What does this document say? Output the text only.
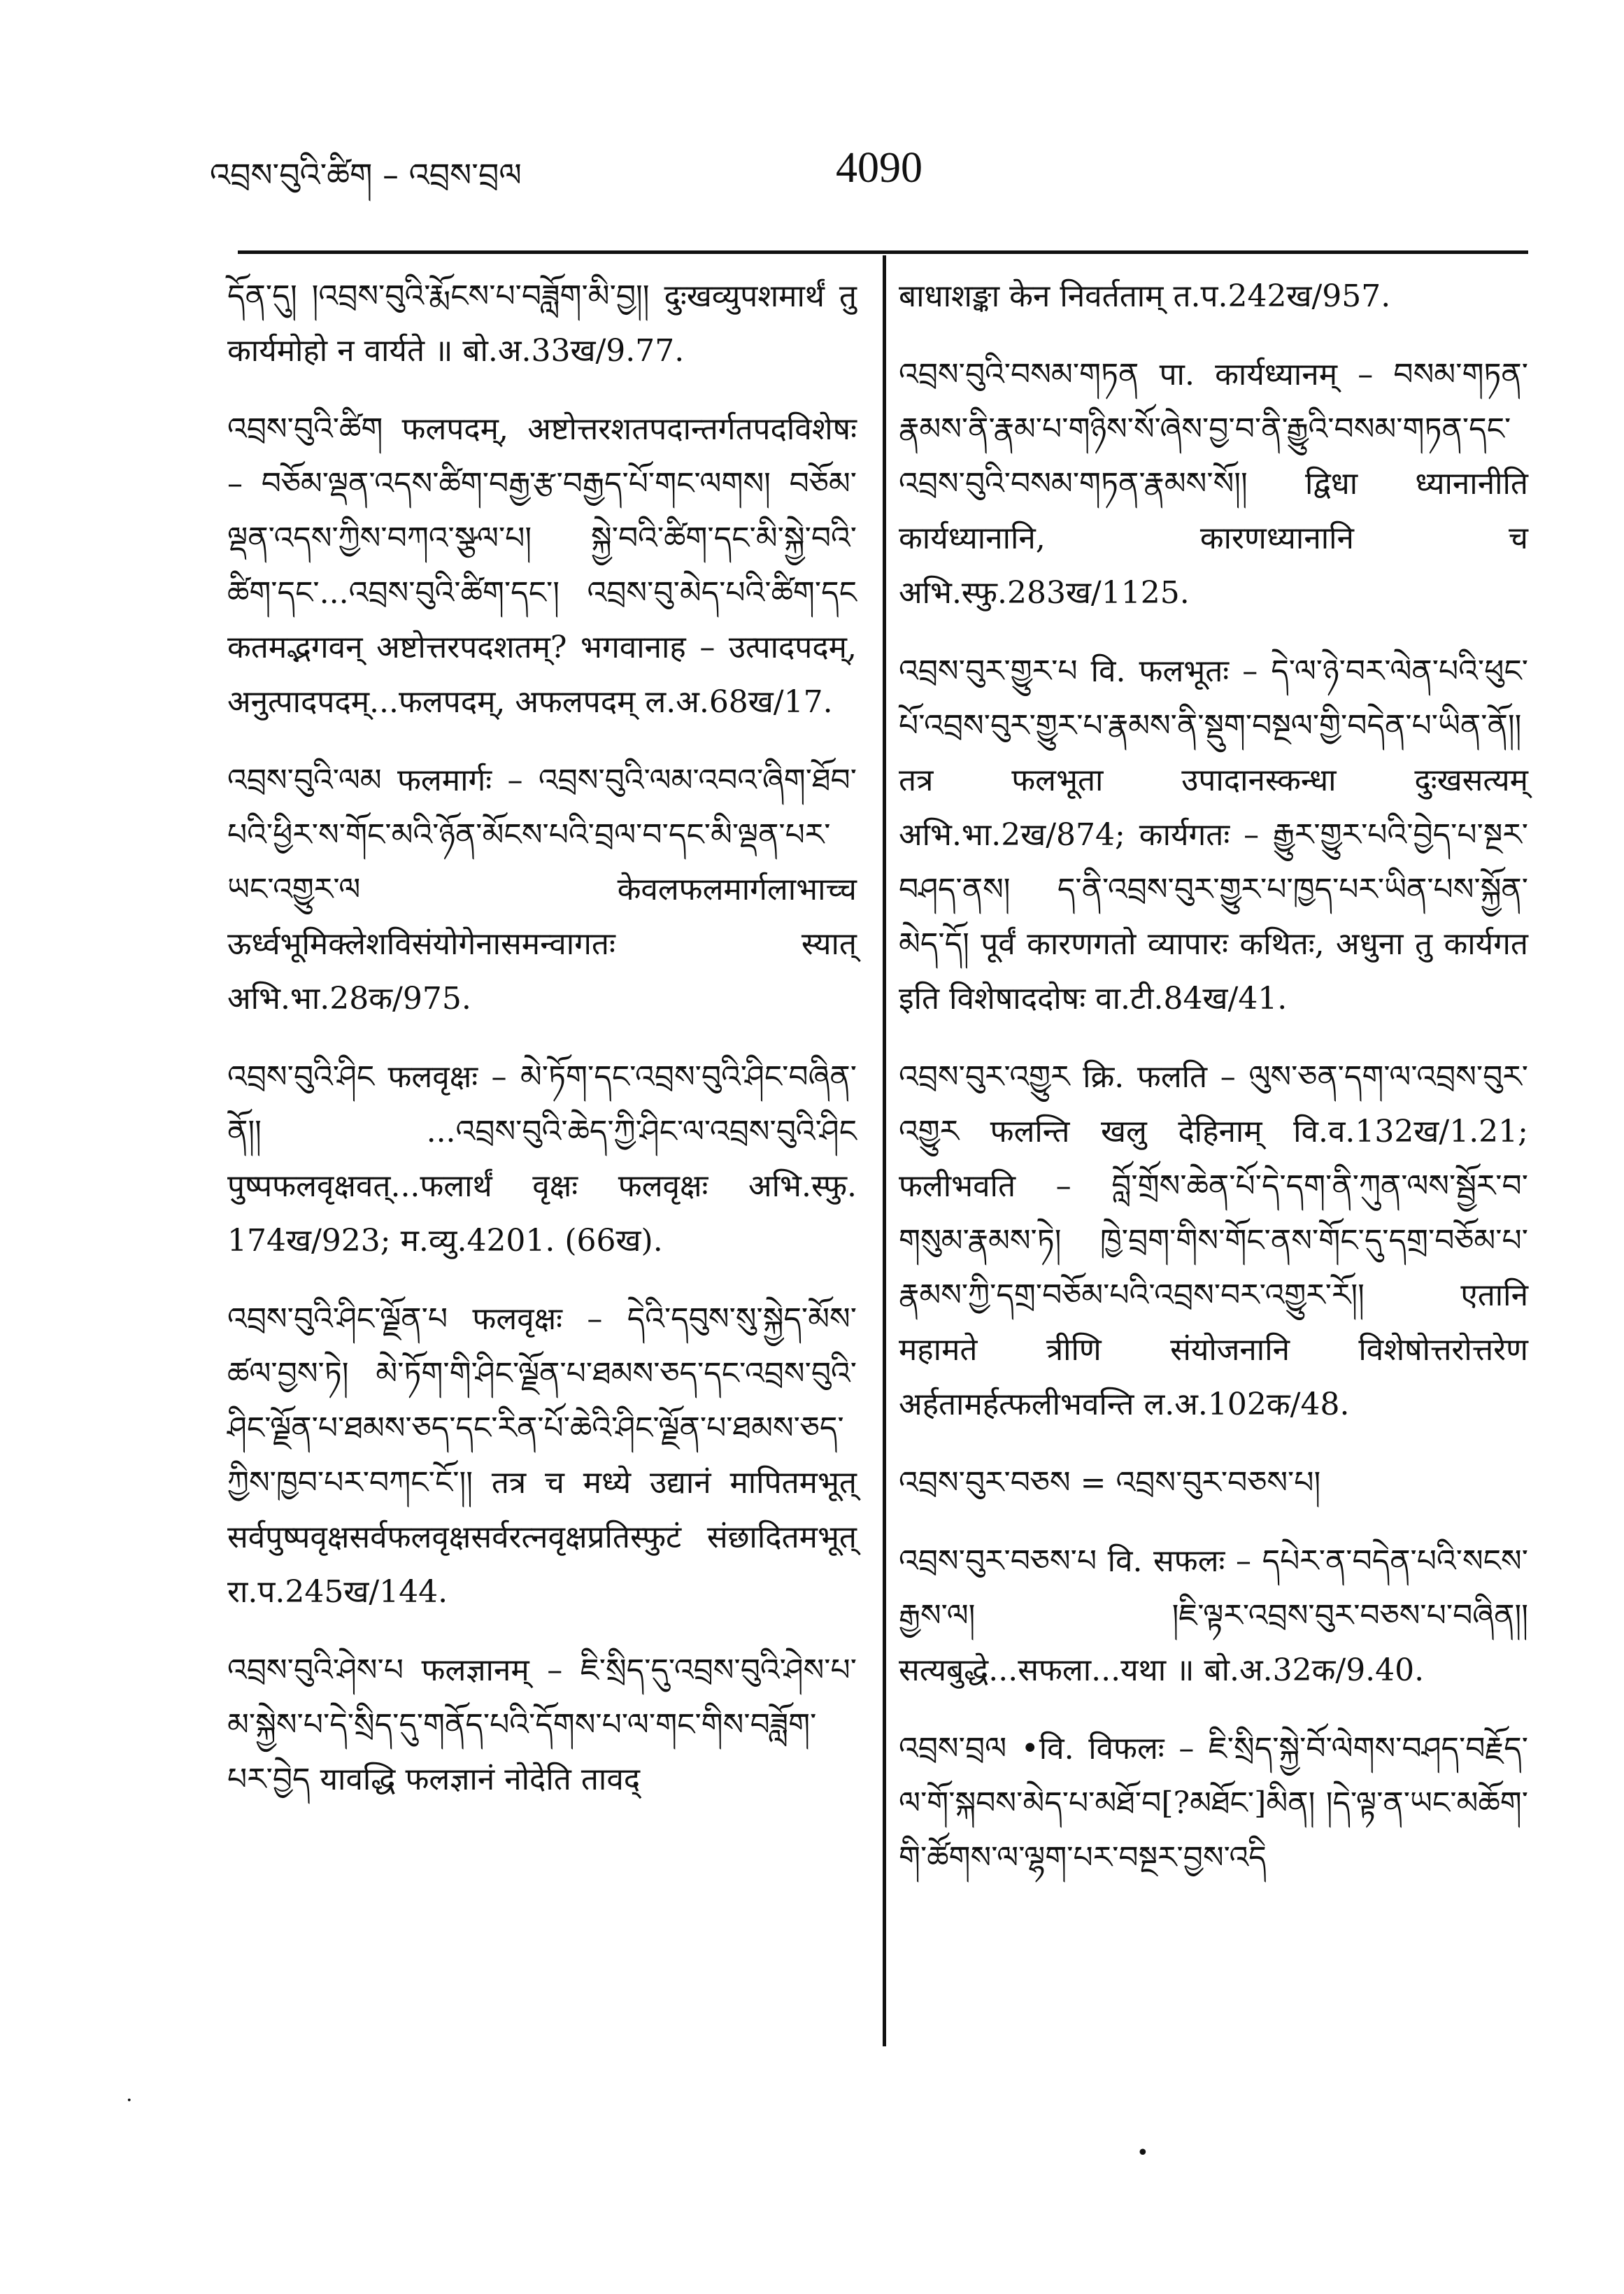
འབྲས་བུའི་ཚིག – འབྲས་བྲལ	4090

དོན་དུ། །འབྲས་བུའི་རྨོངས་པ་བཟློག་མི་བྱ།། दुःखव्युपशमार्थं तु कार्यमोहो न वार्यते ॥ बो.अ.33ख/9.77.

འབྲས་བུའི་ཚིག फलपदम्, अष्टोत्तरशतपदान्तर्गतपदविशेषः – བཅོམ་ལྡན་འདས་ཚིག་བརྒྱ་རྩ་བརྒྱད་པོ་གང་ལགས། བཅོམ་ལྡན་འདས་ཀྱིས་བཀའ་སྩལ་པ། སྐྱེ་བའི་ཚིག་དང་མི་སྐྱེ་བའི་ཚིག་དང་...འབྲས་བུའི་ཚིག་དང་། འབྲས་བུ་མེད་པའི་ཚིག་དང कतमद्भगवन् अष्टोत्तरपदशतम्? भगवानाह – उत्पादपदम्, अनुत्पादपदम्...फलपदम्, अफलपदम् ल.अ.68ख/17.

འབྲས་བུའི་ལམ फलमार्गः – འབྲས་བུའི་ལམ་འབའ་ཞིག་ཐོབ་པའི་ཕྱིར་ས་གོང་མའི་ཉོན་མོངས་པའི་བྲལ་བ་དང་མི་ལྡན་པར་ཡང་འགྱུར་ལ केवलफलमार्गलाभाच्च ऊर्ध्वभूमिक्लेशविसंयोगेनासमन्वागतः स्यात् अभि.भा.28क/975.

འབྲས་བུའི་ཤིང फलवृक्षः – མེ་ཏོག་དང་འབྲས་བུའི་ཤིང་བཞིན་ནོ།། ...འབྲས་བུའི་ཆེད་ཀྱི་ཤིང་ལ་འབྲས་བུའི་ཤིང पुष्पफलवृक्षवत्...फलार्थं वृक्षः फलवृक्षः अभि.स्फु. 174ख/923; म.व्यु.4201. (66ख).

འབྲས་བུའི་ཤིང་ལྗོན་པ फलवृक्षः – དེའི་དབུས་སུ་སྐྱེད་མོས་ཚལ་བྱས་ཏེ། མེ་ཏོག་གི་ཤིང་ལྗོན་པ་ཐམས་ཅད་དང་འབྲས་བུའི་ཤིང་ལྗོན་པ་ཐམས་ཅད་དང་རིན་པོ་ཆེའི་ཤིང་ལྗོན་པ་ཐམས་ཅད་ཀྱིས་ཁྱབ་པར་བཀང་ངོ་།། तत्र च मध्ये उद्यानं मापितमभूत् सर्वपुष्पवृक्षसर्वफलवृक्षसर्वरत्नवृक्षप्रतिस्फुटं संछादितमभूत् रा.प.245ख/144.

འབྲས་བུའི་ཤེས་པ फलज्ञानम् – ཇི་སྲིད་དུ་འབྲས་བུའི་ཤེས་པ་མ་སྐྱེས་པ་དེ་སྲིད་དུ་གནོད་པའི་དོགས་པ་ལ་གང་གིས་བཟློག་པར་བྱེད यावद्धि फलज्ञानं नोदेति तावद्

बाधाशङ्का केन निवर्तताम् त.प.242ख/957.

འབྲས་བུའི་བསམ་གཏན पा. कार्यध्यानम् – བསམ་གཏན་རྣམས་ནི་རྣམ་པ་གཉིས་སོ་ཞེས་བྱ་བ་ནི་རྒྱུའི་བསམ་གཏན་དང་འབྲས་བུའི་བསམ་གཏན་རྣམས་སོ།། द्विधा ध्यानानीति कार्यध्यानानि, कारणध्यानानि च अभि.स्फु.283ख/1125.

འབྲས་བུར་གྱུར་པ वि. फलभूतः – དེ་ལ་ཉེ་བར་ལེན་པའི་ཕུང་པོ་འབྲས་བུར་གྱུར་པ་རྣམས་ནི་སྡུག་བསྔལ་གྱི་བདེན་པ་ཡིན་ནོ།། तत्र फलभूता उपादानस्कन्धा दुःखसत्यम् अभि.भा.2ख/874; कार्यगतः – རྒྱུར་གྱུར་པའི་བྱེད་པ་སྔར་བཤད་ནས། ད་ནི་འབྲས་བུར་གྱུར་པ་ཁྱད་པར་ཡིན་པས་སྐྱོན་མེད་དོ། पूर्वं कारणगतो व्यापारः कथितः, अधुना तु कार्यगत इति विशेषाददोषः वा.टी.84ख/41.

འབྲས་བུར་འགྱུར क्रि. फलति – ལུས་ཅན་དག་ལ་འབྲས་བུར་འགྱུར फलन्ति खलु देहिनाम् वि.व.132ख/1.21; फलीभवति – བློ་གྲོས་ཆེན་པོ་དེ་དག་ནི་ཀུན་ལས་སྦྱོར་བ་གསུམ་རྣམས་ཏེ། ཁྱེ་བྲག་གིས་གོང་ནས་གོང་དུ་དགྲ་བཅོམ་པ་རྣམས་ཀྱི་དགྲ་བཅོམ་པའི་འབྲས་བར་འགྱུར་རོ།། एतानि महामते त्रीणि संयोजनानि विशेषोत्तरोत्तरेण अर्हतामर्हत्फलीभवन्ति ल.अ.102क/48.

འབྲས་བུར་བཅས = འབྲས་བུར་བཅས་པ།

འབྲས་བུར་བཅས་པ वि. सफलः – དཔེར་ན་བདེན་པའི་སངས་རྒྱས་ལ། །ཇི་ལྟར་འབྲས་བུར་བཅས་པ་བཞིན།། सत्यबुद्धे...सफला...यथा ॥ बो.अ.32क/9.40.

འབྲས་བྲལ •वि. विफलः – ཇི་སྲིད་སྐྱེ་བོ་ལེགས་བཤད་བརྗོད་ལ་གོ་སྐབས་མེད་པ་མཐོ་བ[?མཐོང་]མིན། །དེ་ལྟ་ན་ཡང་མཆོག་གི་ཚོགས་ལ་ལྷག་པར་བསྔར་བྱས་འདི

·
•
